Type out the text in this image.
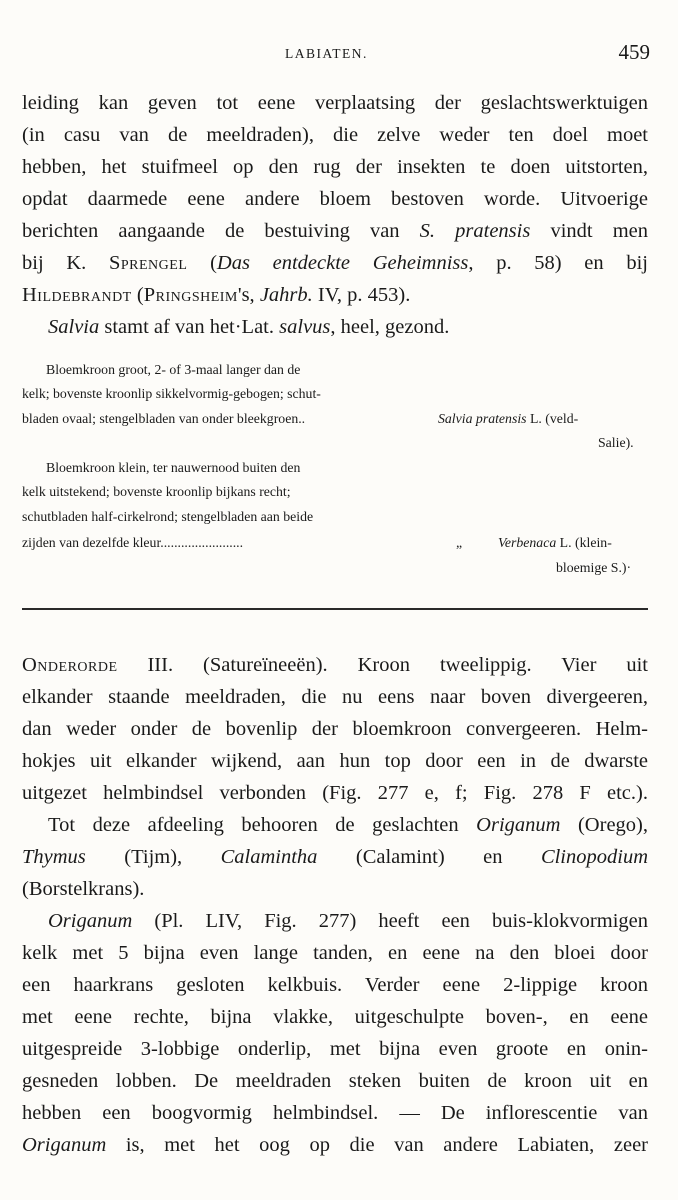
LABIATEN.	459
leiding kan geven tot eene verplaatsing der geslachtswerktuigen
(in casu van de meeldraden), die zelve weder ten doel moet
hebben, het stuifmeel op den rug der insekten te doen uitstorten,
opdat daarmede eene andere bloem bestoven worde. Uitvoerige
berichten aangaande de bestuiving van S. pratensis vindt men
bij K. Sprengel (Das entdeckte Geheimniss, p. 58) en bij
Hildebrandt (Pringsheim's, Jahrb. IV, p. 453).
Salvia stamt af van het·Lat. salvus, heel, gezond.
Bloemkroon groot, 2- of 3-maal langer dan de
kelk; bovenste kroonlip sikkelvormig-gebogen; schut-
bladen ovaal; stengelbladen van onder bleekgroen..	Salvia pratensis L. (veld-
Salie).
Bloemkroon klein, ter nauwernood buiten den
kelk uitstekend; bovenste kroonlip bijkans recht;
schutbladen half-cirkelrond; stengelbladen aan beide
zijden van dezelfde kleur........................	„	Verbenaca L. (klein-
bloemige S.)·
Onderorde III. (Satureïneeën). Kroon tweelippig. Vier uit
elkander staande meeldraden, die nu eens naar boven divergeeren,
dan weder onder de bovenlip der bloemkroon convergeeren. Helm-
hokjes uit elkander wijkend, aan hun top door een in de dwarste
uitgezet helmbindsel verbonden (Fig. 277 e, f; Fig. 278 F etc.).
Tot deze afdeeling behooren de geslachten Origanum (Orego),
Thymus (Tijm), Calamintha (Calamint) en Clinopodium
(Borstelkrans).
Origanum (Pl. LIV, Fig. 277) heeft een buis-klokvormigen
kelk met 5 bijna even lange tanden, en eene na den bloei door
een haarkrans gesloten kelkbuis. Verder eene 2-lippige kroon
met eene rechte, bijna vlakke, uitgeschulpte boven-, en eene
uitgespreide 3-lobbige onderlip, met bijna even groote en onin-
gesneden lobben. De meeldraden steken buiten de kroon uit en
hebben een boogvormig helmbindsel. — De inflorescentie van
Origanum is, met het oog op die van andere Labiaten, zeer
